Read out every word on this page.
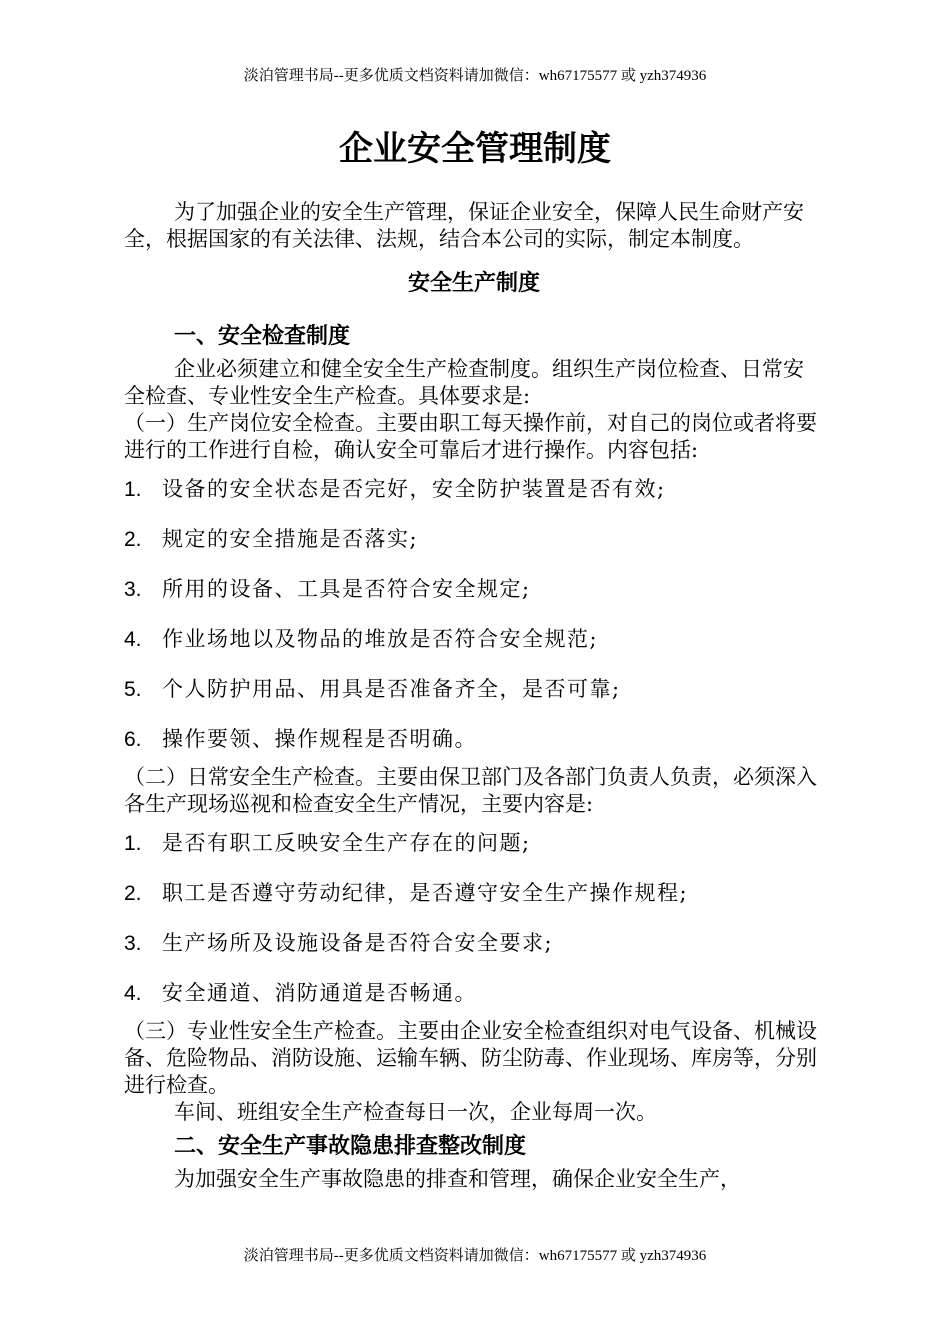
淡泊管理书局--更多优质文档资料请加微信：wh67175577 或 yzh374936
企业安全管理制度

为了加强企业的安全生产管理，保证企业安全，保障人民生命财产安全，根据国家的有关法律、法规，结合本公司的实际，制定本制度。

安全生产制度
一、安全检查制度

企业必须建立和健全安全生产检查制度。组织生产岗位检查、日常安全检查、专业性安全生产检查。具体要求是:

（一）生产岗位安全检查。主要由职工每天操作前，对自己的岗位或者将要进行的工作进行自检，确认安全可靠后才进行操作。内容包括:

1. 设备的安全状态是否完好，安全防护装置是否有效;
2. 规定的安全措施是否落实;
3. 所用的设备、工具是否符合安全规定;
4. 作业场地以及物品的堆放是否符合安全规范;
5. 个人防护用品、用具是否准备齐全，是否可靠;
6. 操作要领、操作规程是否明确。

（二）日常安全生产检查。主要由保卫部门及各部门负责人负责，必须深入各生产现场巡视和检查安全生产情况，主要内容是:

1. 是否有职工反映安全生产存在的问题;
2. 职工是否遵守劳动纪律，是否遵守安全生产操作规程;
3. 生产场所及设施设备是否符合安全要求;
4. 安全通道、消防通道是否畅通。

（三）专业性安全生产检查。主要由企业安全检查组织对电气设备、机械设备、危险物品、消防设施、运输车辆、防尘防毒、作业现场、库房等，分别进行检查。

车间、班组安全生产检查每日一次，企业每周一次。

二、安全生产事故隐患排查整改制度

为加强安全生产事故隐患的排查和管理，确保企业安全生产，

淡泊管理书局--更多优质文档资料请加微信：wh67175577 或 yzh374936
